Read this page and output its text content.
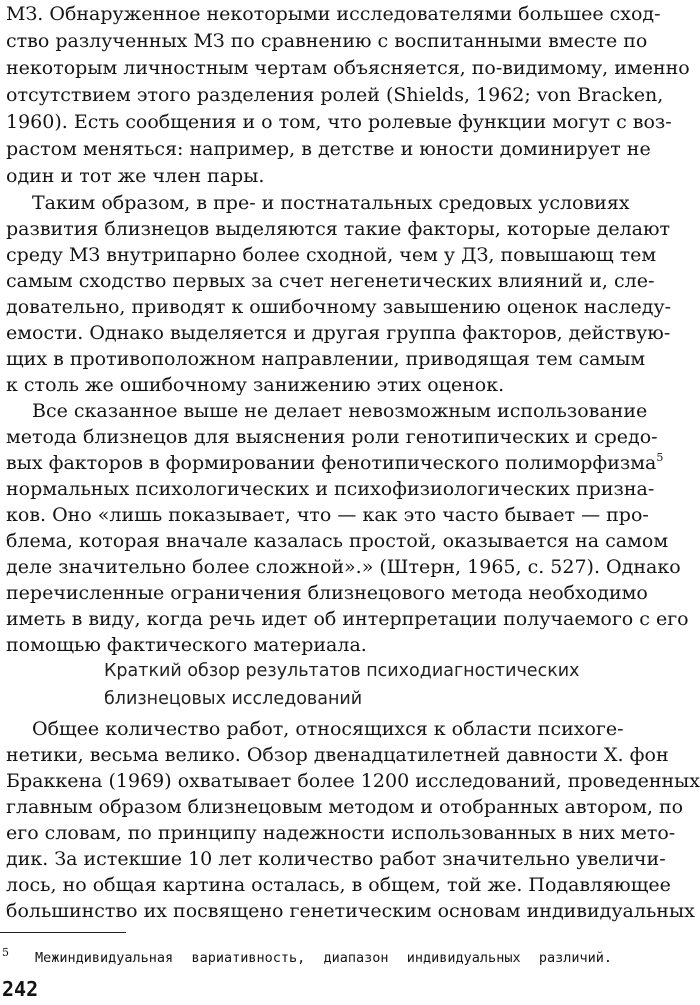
МЗ. Обнаруженное некоторыми исследователями большее сход-
ство разлученных МЗ по сравнению с воспитанными вместе по
некоторым личностным чертам объясняется, по-видимому, именно
отсутствием этого разделения ролей (Shields, 1962; von Bracken,
1960). Есть сообщения и о том, что ролевые функции могут с воз-
растом меняться: например, в детстве и юности доминирует не
один и тот же член пары.
Таким образом, в пре- и постнатальных средовых условиях
развития близнецов выделяются такие факторы, которые делают
среду МЗ внутрипарно более сходной, чем у ДЗ, повышающ тем
самым сходство первых за счет негенетических влияний и, сле-
довательно, приводят к ошибочному завышению оценок наследу-
емости. Однако выделяется и другая группа факторов, действую-
щих в противоположном направлении, приводящая тем самым
к столь же ошибочному занижению этих оценок.
Все сказанное выше не делает невозможным использование
метода близнецов для выяснения роли генотипических и средо-
вых факторов в формировании фенотипического полиморфизма$^5$
нормальных психологических и психофизиологических призна-
ков. Оно «лишь показывает, что — как это часто бывает — про-
блема, которая вначале казалась простой, оказывается на самом
деле значительно более сложной».» (Штерн, 1965, с. 527). Однако
перечисленные ограничения близнецового метода необходимо
иметь в виду, когда речь идет об интерпретации получаемого с его
помощью фактического материала.
Краткий обзор результатов психодиагностических
близнецовых исследований
Общее количество работ, относящихся к области психоге-
нетики, весьма велико. Обзор двенадцатилетней давности Х. фон
Браккена (1969) охватывает более 1200 исследований, проведенных
главным образом близнецовым методом и отобранных автором, по
его словам, по принципу надежности использованных в них мето-
дик. За истекшие 10 лет количество работ значительно увеличи-
лось, но общая картина осталась, в общем, той же. Подавляющее
большинство их посвящено генетическим основам индивидуальных
5 Межиндивидуальная вариативность, диапазон индивидуальных различий.
242
